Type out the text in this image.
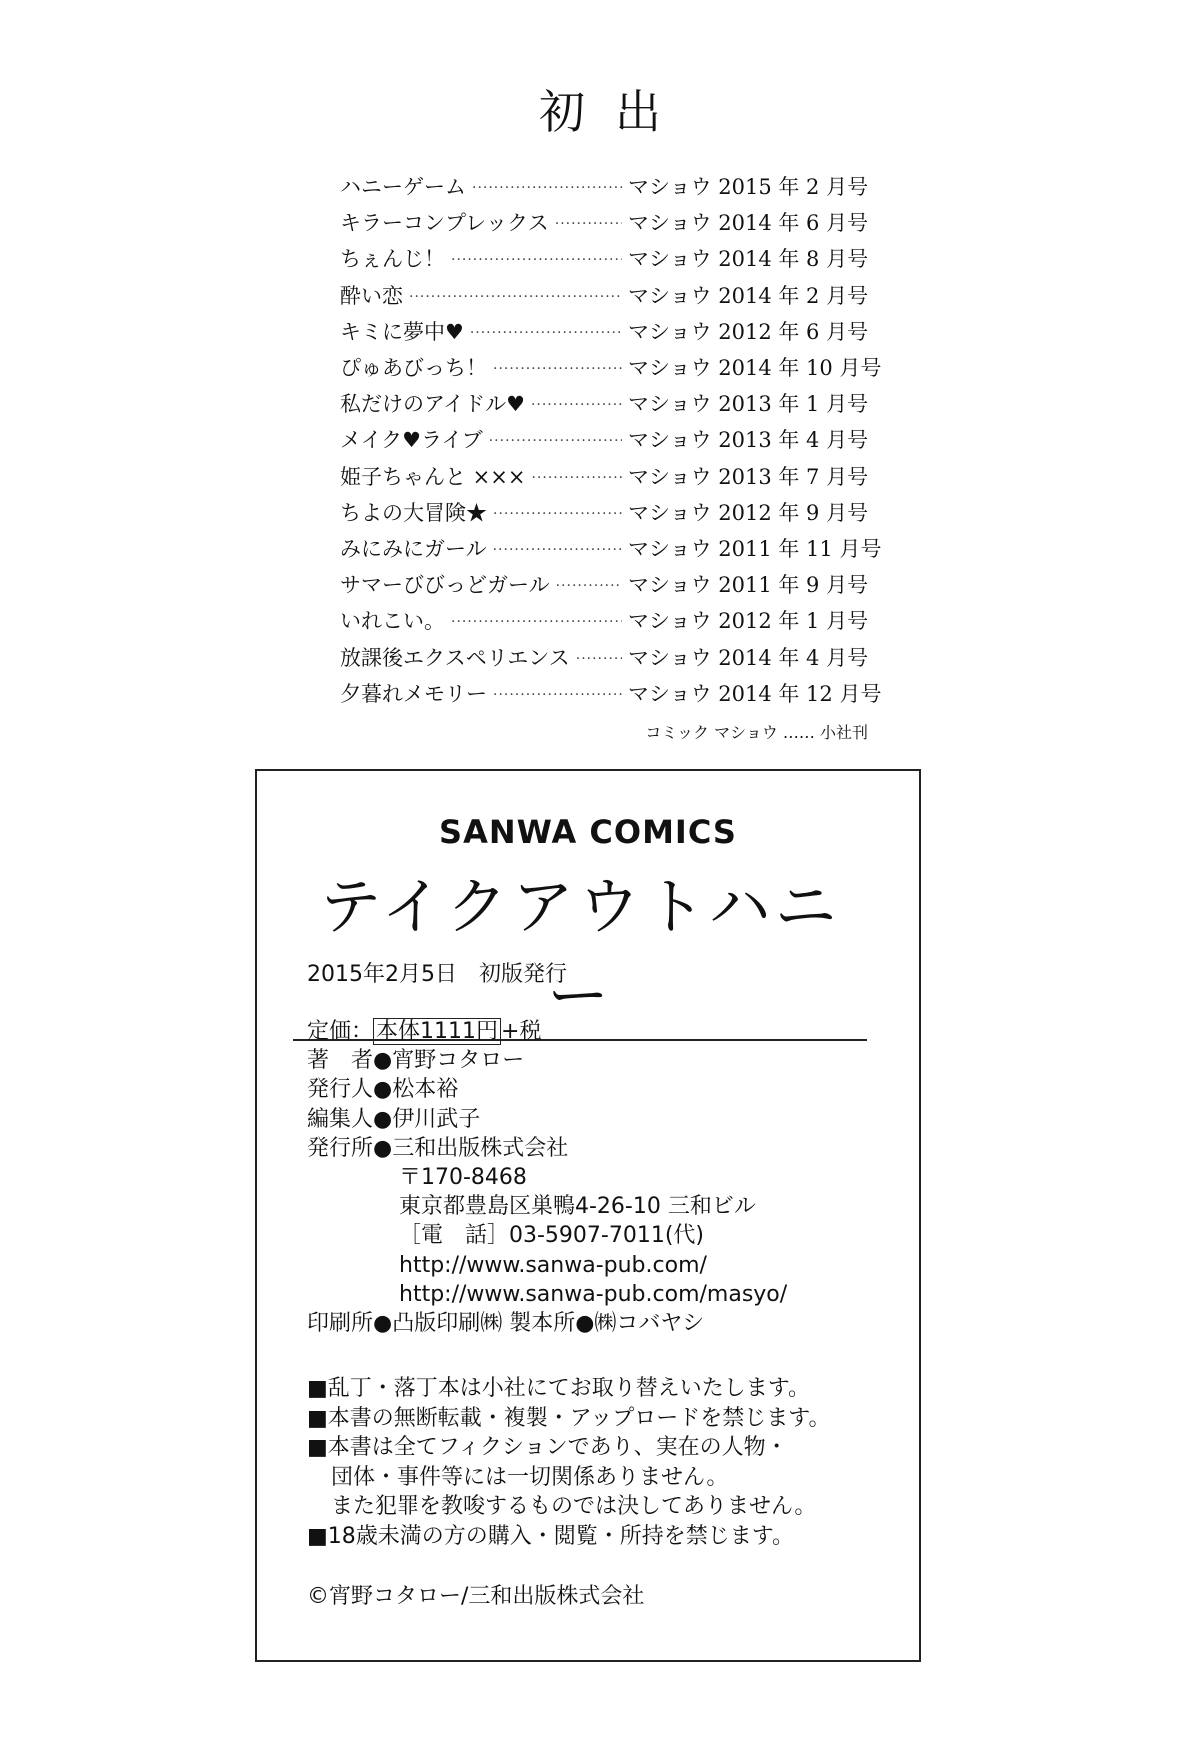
初出
ハニーゲーム ·····	マショウ 2015 年 2 月号
キラーコンプレックス ·····	マショウ 2014 年 6 月号
ちぇんじ！ ·····	マショウ 2014 年 8 月号
酔い恋 ·····	マショウ 2014 年 2 月号
キミに夢中♥ ·····	マショウ 2012 年 6 月号
ぴゅあびっち！ ·····	マショウ 2014 年 10 月号
私だけのアイドル♥ ·····	マショウ 2013 年 1 月号
メイク♥ライブ ·····	マショウ 2013 年 4 月号
姫子ちゃんと ××× ·····	マショウ 2013 年 7 月号
ちよの大冒険★ ·····	マショウ 2012 年 9 月号
みにみにガール ·····	マショウ 2011 年 11 月号
サマーびびっどガール ·····	マショウ 2011 年 9 月号
いれこい。 ·····	マショウ 2012 年 1 月号
放課後エクスペリエンス ·····	マショウ 2014 年 4 月号
夕暮れメモリー ·····	マショウ 2014 年 12 月号
コミック マショウ …… 小社刊
SANWA COMICS
テイクアウトハニー
2015年2月5日 初版発行
定価： 本体1111円 +税
著　者●宵野コタロー
発行人●松本裕
編集人●伊川武子
発行所●三和出版株式会社
〒170-8468
東京都豊島区巣鴨4-26-10 三和ビル
［電　話］03-5907-7011(代)
http://www.sanwa-pub.com/
http://www.sanwa-pub.com/masyo/
印刷所●凸版印刷㈱ 製本所●㈱コバヤシ
■乱丁・落丁本は小社にてお取り替えいたします。
■本書の無断転載・複製・アップロードを禁じます。
■本書は全てフィクションであり、実在の人物・
団体・事件等には一切関係ありません。
また犯罪を教唆するものでは決してありません。
■18歳未満の方の購入・閲覧・所持を禁じます。
©宵野コタロー/三和出版株式会社
